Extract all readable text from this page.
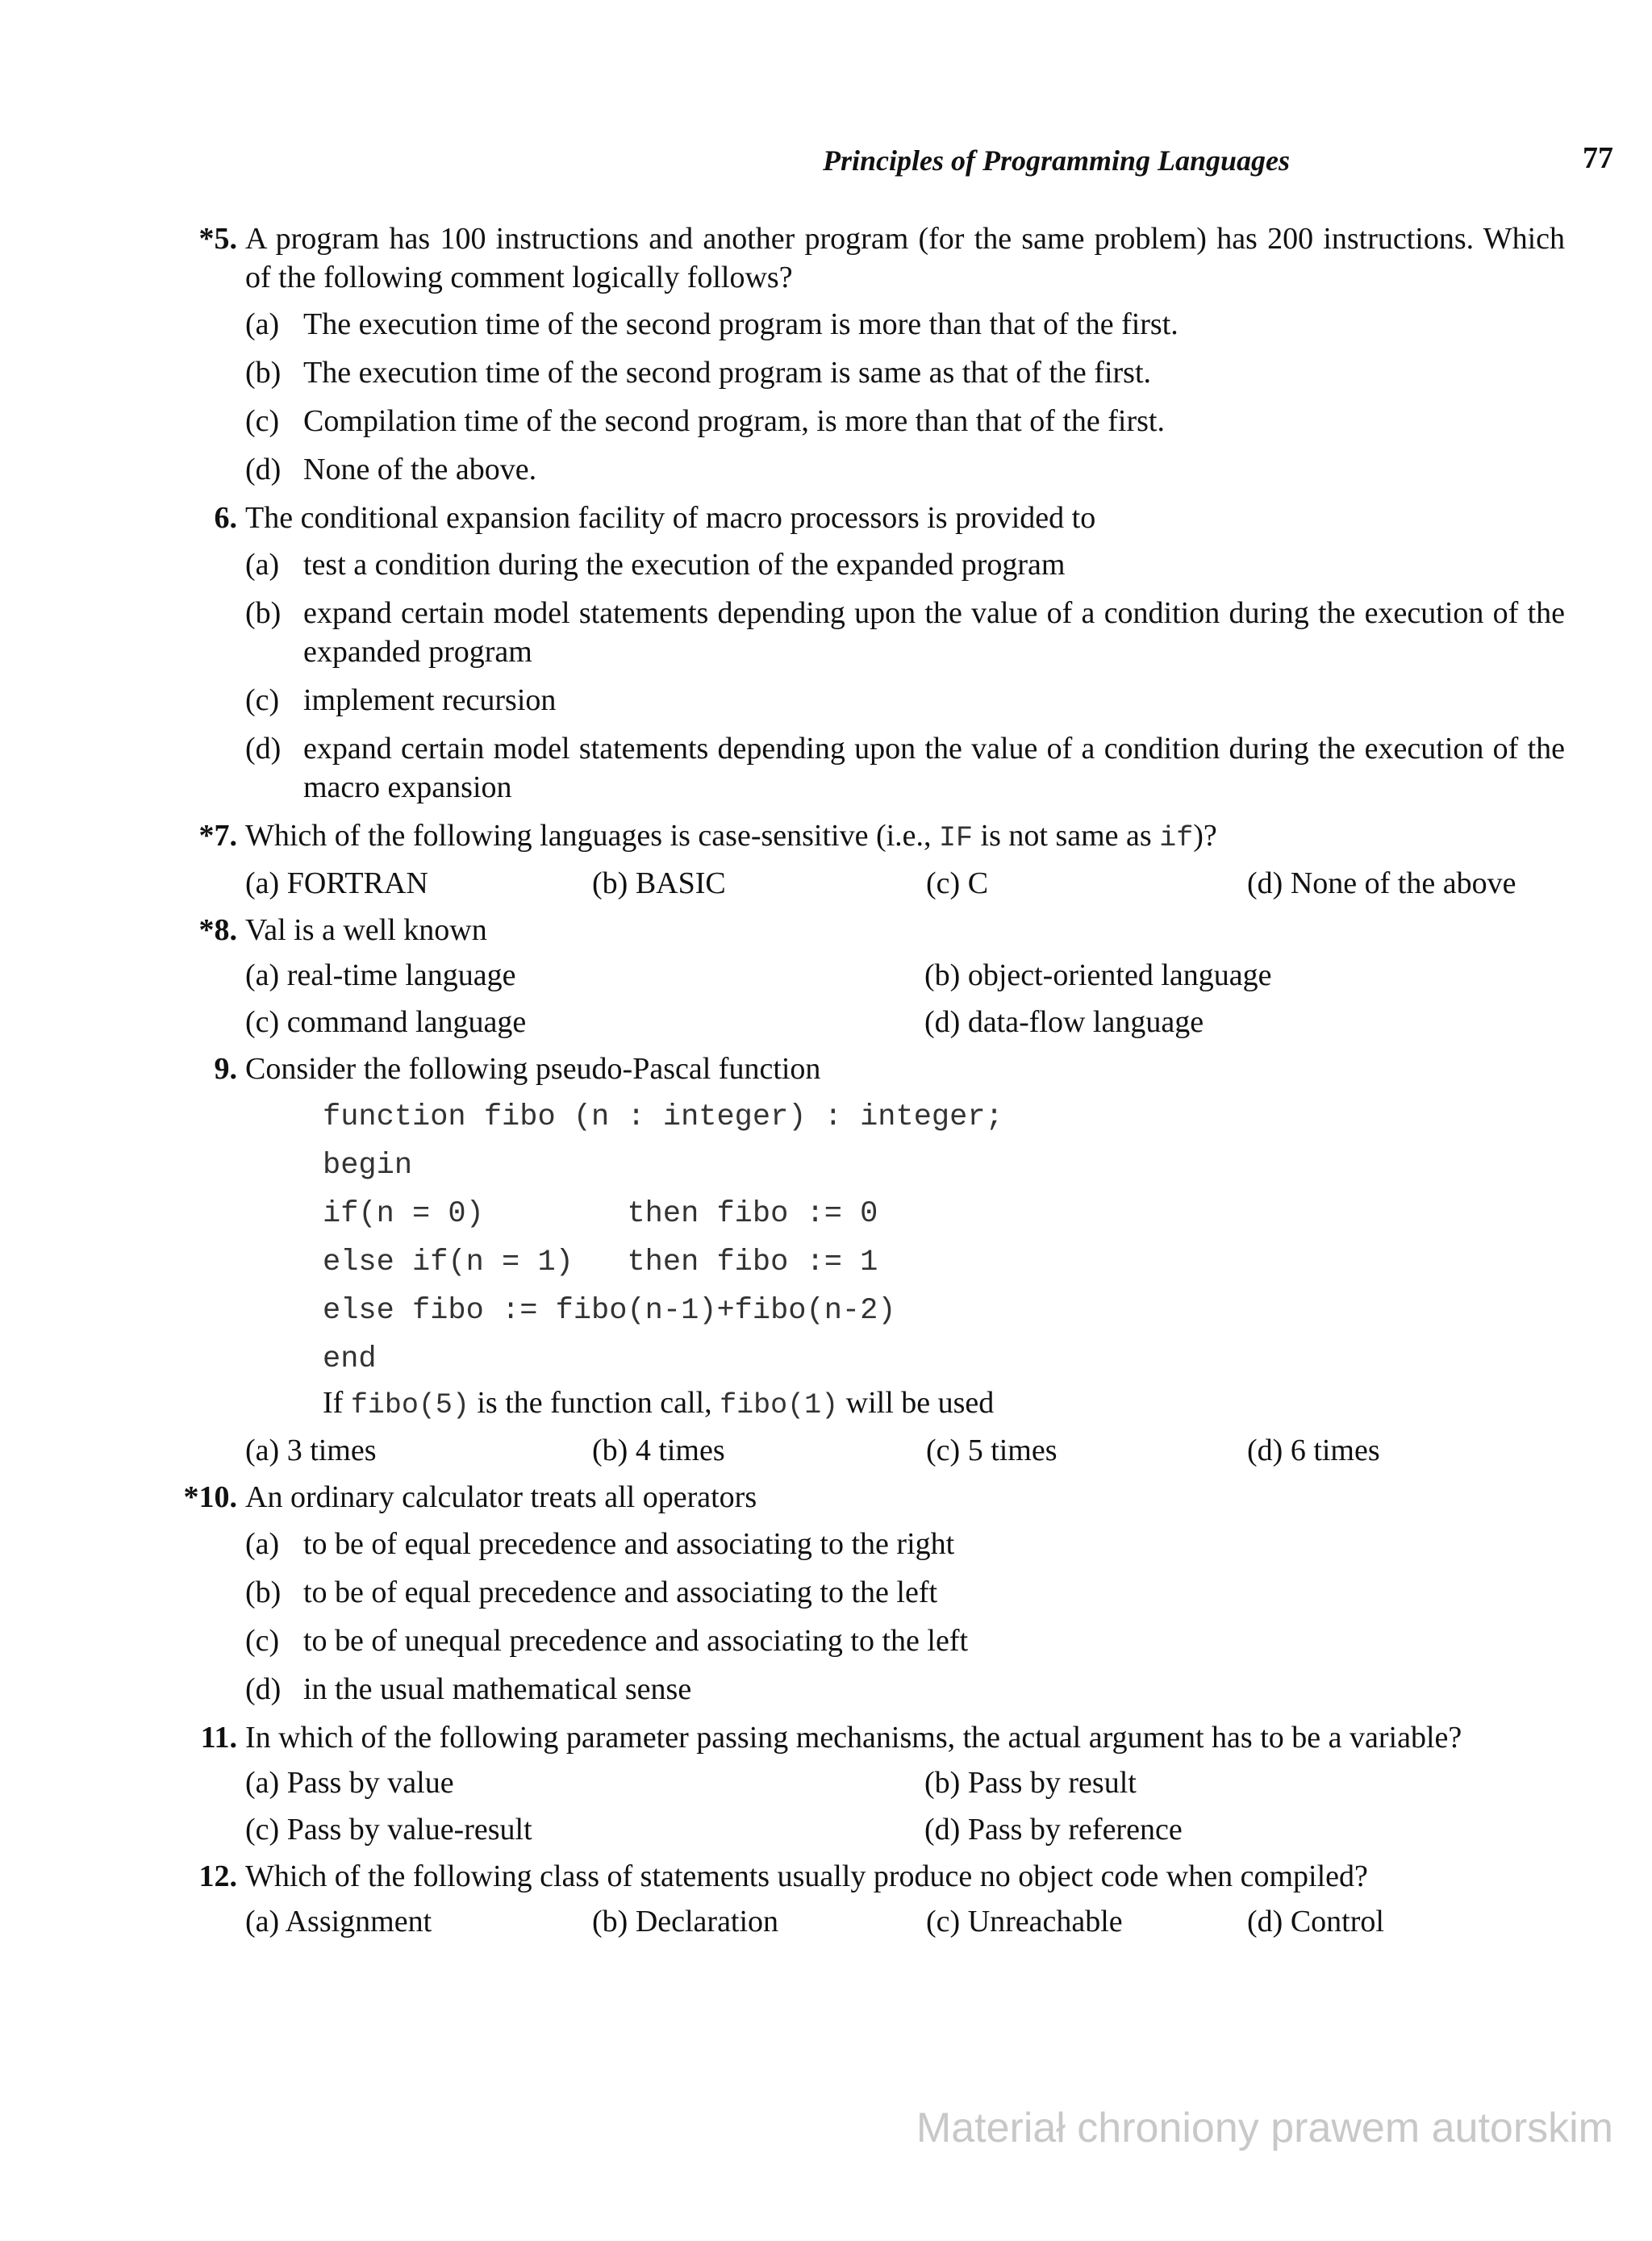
Principles of Programming Languages	77
*5. A program has 100 instructions and another program (for the same problem) has 200 instructions. Which of the following comment logically follows?
(a) The execution time of the second program is more than that of the first.
(b) The execution time of the second program is same as that of the first.
(c) Compilation time of the second program, is more than that of the first.
(d) None of the above.
6. The conditional expansion facility of macro processors is provided to
(a) test a condition during the execution of the expanded program
(b) expand certain model statements depending upon the value of a condition during the execution of the expanded program
(c) implement recursion
(d) expand certain model statements depending upon the value of a condition during the execution of the macro expansion
*7. Which of the following languages is case-sensitive (i.e., IF is not same as if)?
(a) FORTRAN	(b) BASIC	(c) C	(d) None of the above
*8. Val is a well known
(a) real-time language	(b) object-oriented language
(c) command language	(d) data-flow language
9. Consider the following pseudo-Pascal function
function fibo (n : integer) : integer;
begin
if(n = 0)        then fibo := 0
else if(n = 1)   then fibo := 1
else fibo := fibo(n-1)+fibo(n-2)
end
If fibo(5) is the function call, fibo(1) will be used
(a) 3 times	(b) 4 times	(c) 5 times	(d) 6 times
*10. An ordinary calculator treats all operators
(a) to be of equal precedence and associating to the right
(b) to be of equal precedence and associating to the left
(c) to be of unequal precedence and associating to the left
(d) in the usual mathematical sense
11. In which of the following parameter passing mechanisms, the actual argument has to be a variable?
(a) Pass by value	(b) Pass by result
(c) Pass by value-result	(d) Pass by reference
12. Which of the following class of statements usually produce no object code when compiled?
(a) Assignment	(b) Declaration	(c) Unreachable	(d) Control
Materiał chroniony prawem autorskim
